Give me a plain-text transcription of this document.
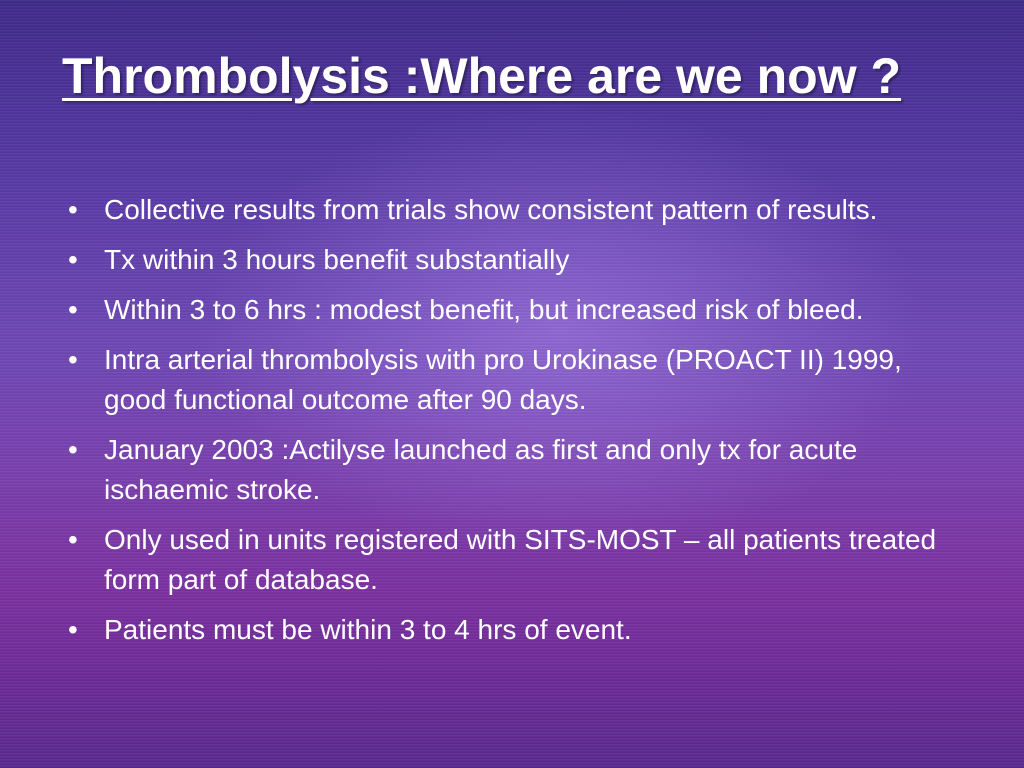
Thrombolysis :Where are we now ?
• Collective results from trials show consistent pattern of results.
• Tx within 3 hours benefit substantially
• Within 3 to 6 hrs : modest benefit, but increased risk of bleed.
• Intra arterial thrombolysis with pro Urokinase (PROACT II) 1999, good functional outcome after 90 days.
• January 2003 :Actilyse launched as first and only tx for acute ischaemic stroke.
• Only used in units registered with SITS-MOST – all patients treated form part of database.
• Patients must be within 3 to 4 hrs of event.
